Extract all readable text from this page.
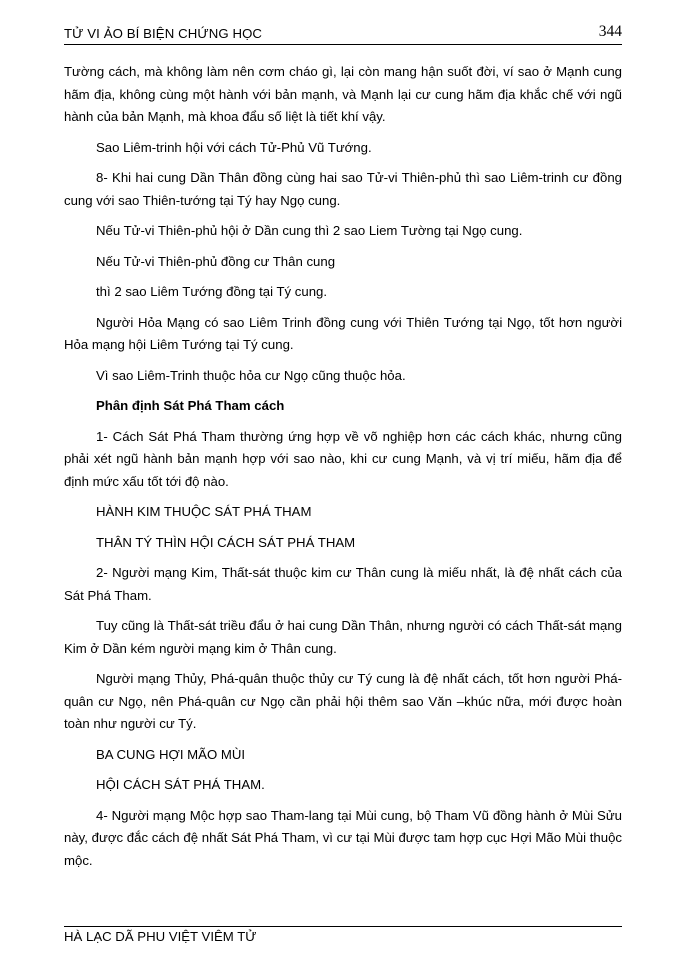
TỬ VI ẢO BÍ BIỆN CHỨNG HỌC	344

Tường cách, mà không làm nên cơm cháo gì, lại còn mang hận suốt đời, ví sao ở Mạnh cung hãm địa, không cùng một hành với bản mạnh, và Mạnh lại cư cung hãm địa khắc chế với ngũ hành của bản Mạnh, mà khoa đẩu số liệt là tiết khí vậy.

Sao Liêm-trinh hội với cách Tử-Phủ Vũ Tướng.

8- Khi hai cung Dần Thân đồng cùng hai sao Tử-vi Thiên-phủ thì sao Liêm-trinh cư đồng cung với sao Thiên-tướng tại Tý hay Ngọ cung.

Nếu Tử-vi Thiên-phủ hội ở Dần cung thì 2 sao Liem Tường tại Ngọ cung.

Nếu Tử-vi Thiên-phủ đồng cư Thân cung

thì 2 sao Liêm Tướng đồng tại Tý cung.

Người Hỏa Mạng có sao Liêm Trinh đồng cung với Thiên Tướng tại Ngọ, tốt hơn người Hỏa mạng hội Liêm Tướng tại Tý cung.

Vì sao Liêm-Trinh thuộc hỏa cư Ngọ cũng thuộc hỏa.

Phân định Sát Phá Tham cách

1- Cách Sát Phá Tham thường ứng hợp về võ nghiệp hơn các cách khác, nhưng cũng phải xét ngũ hành bản mạnh hợp với sao nào, khi cư cung Mạnh, và vị trí miếu, hãm địa để định mức xấu tốt tới độ nào.

HÀNH KIM THUỘC SÁT PHÁ THAM

THÂN TÝ THÌN HỘI CÁCH SÁT PHÁ THAM

2- Người mạng Kim, Thất-sát thuộc kim cư Thân cung là miếu nhất, là đệ nhất cách của Sát Phá Tham.

Tuy cũng là Thất-sát triều đẩu ở hai cung Dần Thân, nhưng người có cách Thất-sát mạng Kim ở Dần kém người mạng kim ở Thân cung.

Người mạng Thủy, Phá-quân thuộc thủy cư Tý cung là đệ nhất cách, tốt hơn người Phá-quân cư Ngọ, nên Phá-quân cư Ngọ cần phải hội thêm sao Văn –khúc nữa, mới được hoàn toàn như người cư Tý.

BA CUNG HỢI MÃO MÙI

HỘI CÁCH SÁT PHÁ THAM.

4- Người mạng Mộc hợp sao Tham-lang tại Mùi cung, bộ Tham Vũ đồng hành ở Mùi Sửu này, được đắc cách đệ nhất Sát Phá Tham, vì cư tại Mùi được tam hợp cục Hợi Mão Mùi thuộc mộc.

HÀ LẠC DÃ PHU VIỆT VIÊM TỬ
